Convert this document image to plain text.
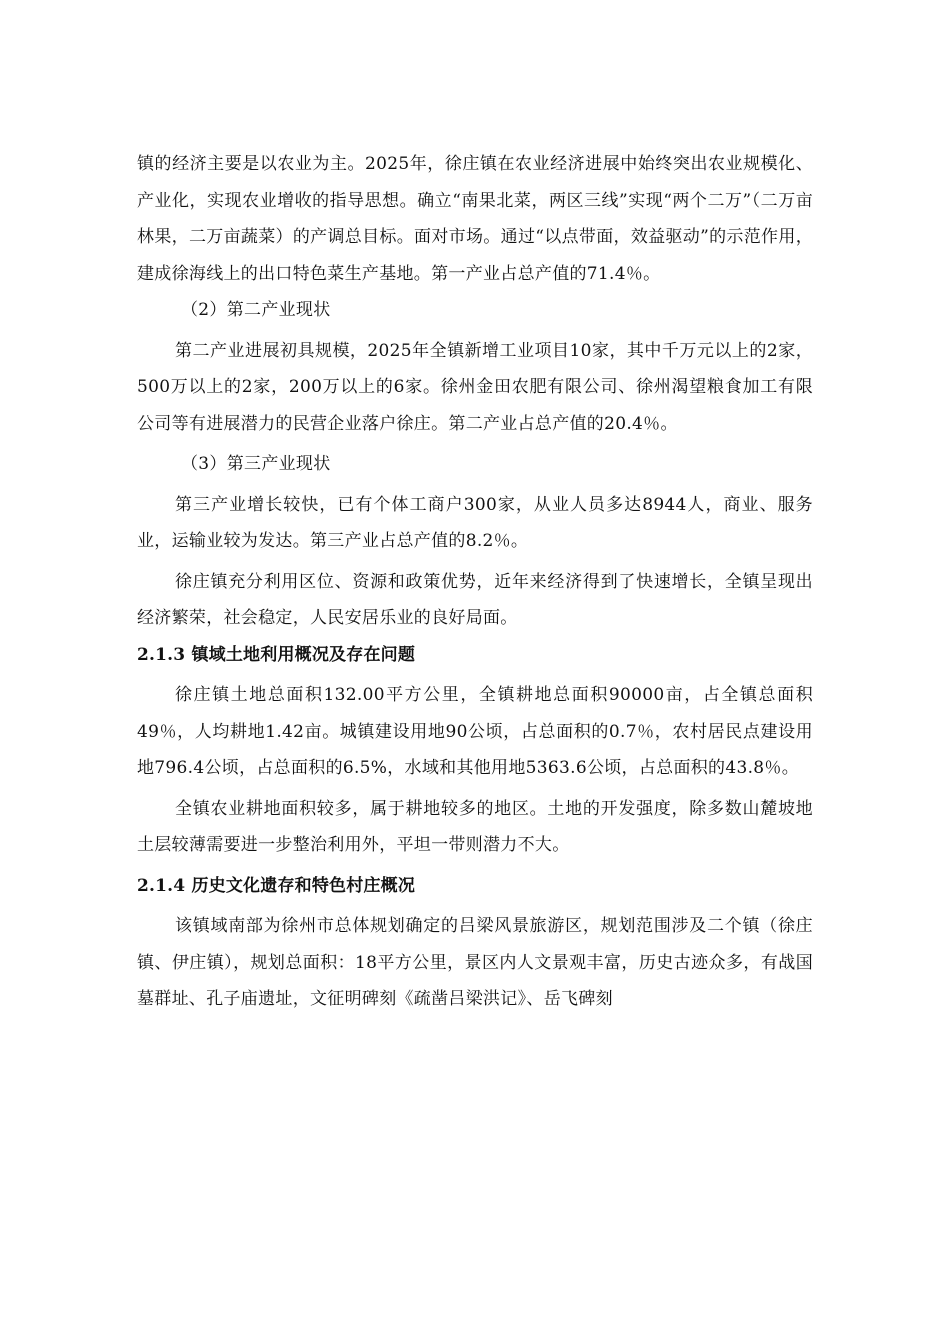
镇的经济主要是以农业为主。2025年，徐庄镇在农业经济进展中始终突出农业规模化、产业化，实现农业增收的指导思想。确立“南果北菜，两区三线”实现“两个二万”（二万亩林果，二万亩蔬菜）的产调总目标。面对市场。通过“以点带面，效益驱动”的示范作用，建成徐海线上的出口特色菜生产基地。第一产业占总产值的71.4％。

（2）第二产业现状

第二产业进展初具规模，2025年全镇新增工业项目10家，其中千万元以上的2家，500万以上的2家，200万以上的6家。徐州金田农肥有限公司、徐州渴望粮食加工有限公司等有进展潜力的民营企业落户徐庄。第二产业占总产值的20.4％。

（3）第三产业现状

第三产业增长较快，已有个体工商户300家，从业人员多达8944人，商业、服务业，运输业较为发达。第三产业占总产值的8.2％。

徐庄镇充分利用区位、资源和政策优势，近年来经济得到了快速增长，全镇呈现出经济繁荣，社会稳定，人民安居乐业的良好局面。

2.1.3 镇域土地利用概况及存在问题

徐庄镇土地总面积132.00平方公里，全镇耕地总面积90000亩，占全镇总面积49％，人均耕地1.42亩。城镇建设用地90公顷，占总面积的0.7％，农村居民点建设用地796.4公顷，占总面积的6.5%，水域和其他用地5363.6公顷，占总面积的43.8％。

全镇农业耕地面积较多，属于耕地较多的地区。土地的开发强度，除多数山麓坡地土层较薄需要进一步整治利用外，平坦一带则潜力不大。

2.1.4 历史文化遗存和特色村庄概况

该镇域南部为徐州市总体规划确定的吕梁风景旅游区，规划范围涉及二个镇（徐庄镇、伊庄镇），规划总面积：18平方公里，景区内人文景观丰富，历史古迹众多，有战国墓群址、孔子庙遗址，文征明碑刻《疏凿吕梁洪记》、岳飞碑刻
